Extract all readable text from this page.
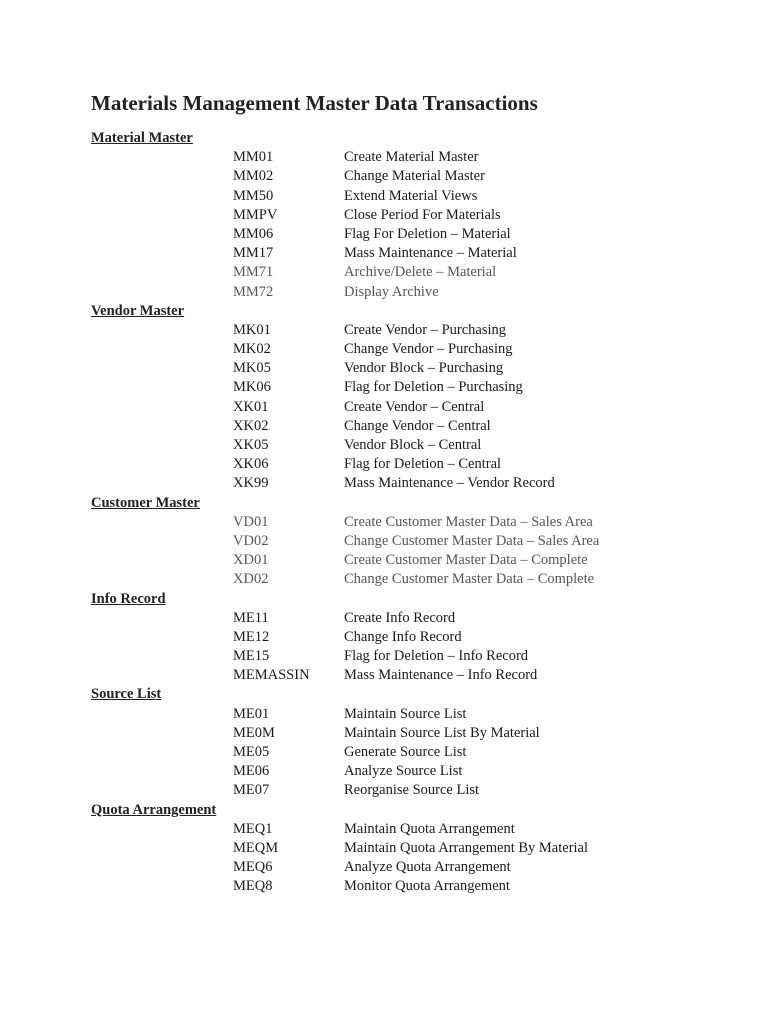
Materials Management Master Data Transactions
Material Master
MM01	Create Material Master
MM02	Change Material Master
MM50	Extend Material Views
MMPV	Close Period For Materials
MM06	Flag For Deletion – Material
MM17	Mass Maintenance – Material
MM71	Archive/Delete – Material
MM72	Display Archive
Vendor Master
MK01	Create Vendor – Purchasing
MK02	Change Vendor – Purchasing
MK05	Vendor Block – Purchasing
MK06	Flag for Deletion – Purchasing
XK01	Create Vendor – Central
XK02	Change Vendor – Central
XK05	Vendor Block – Central
XK06	Flag for Deletion – Central
XK99	Mass Maintenance – Vendor Record
Customer Master
VD01	Create Customer Master Data – Sales Area
VD02	Change Customer Master Data – Sales Area
XD01	Create Customer Master Data – Complete
XD02	Change Customer Master Data – Complete
Info Record
ME11	Create Info Record
ME12	Change Info Record
ME15	Flag for Deletion – Info Record
MEMASSIN	Mass Maintenance – Info Record
Source List
ME01	Maintain Source List
ME0M	Maintain Source List By Material
ME05	Generate Source List
ME06	Analyze Source List
ME07	Reorganise Source List
Quota Arrangement
MEQ1	Maintain Quota Arrangement
MEQM	Maintain Quota Arrangement By Material
MEQ6	Analyze Quota Arrangement
MEQ8	Monitor Quota Arrangement
